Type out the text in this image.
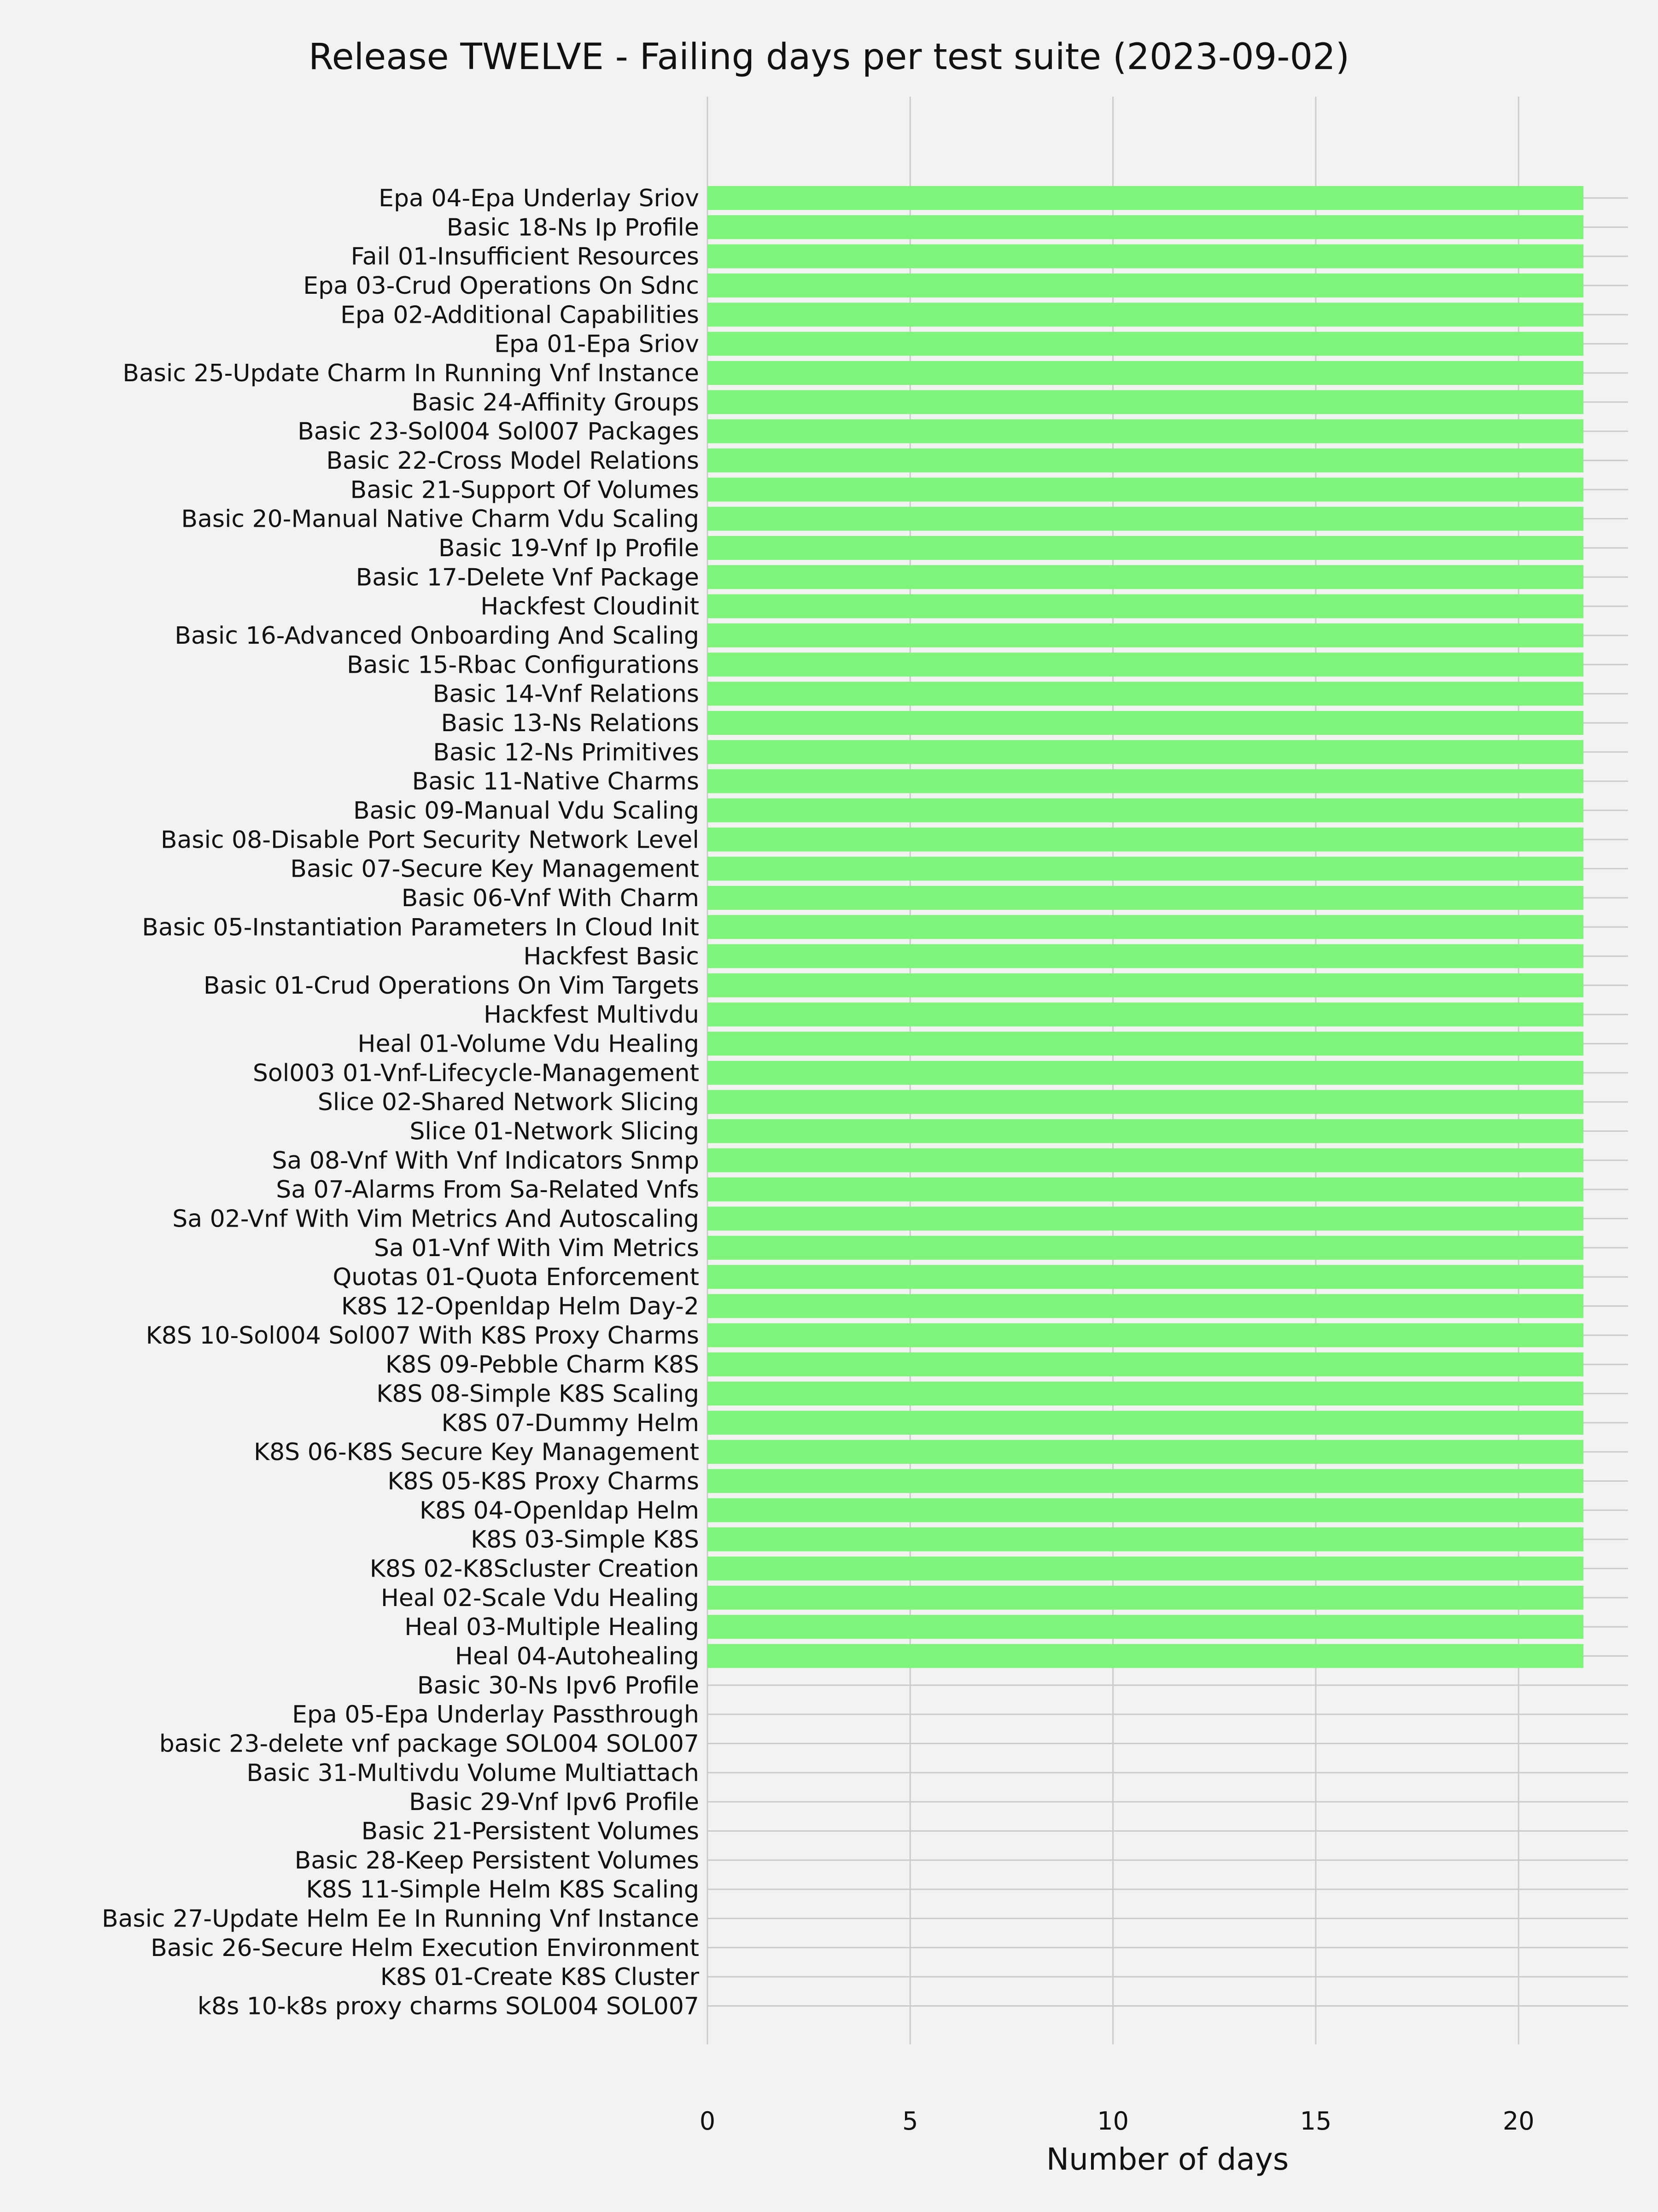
Epa 04-Epa Underlay Sriov
Basic 18-Ns Ip Profile
Fail 01-Insufficient Resources
Epa 03-Crud Operations On Sdnc
Epa 02-Additional Capabilities
Epa 01-Epa Sriov
Basic 25-Update Charm In Running Vnf Instance
Basic 24-Affinity Groups
Basic 23-Sol004 Sol007 Packages
Basic 22-Cross Model Relations
Basic 21-Support Of Volumes
Basic 20-Manual Native Charm Vdu Scaling
Basic 19-Vnf Ip Profile
Basic 17-Delete Vnf Package
Hackfest Cloudinit
Basic 16-Advanced Onboarding And Scaling
Basic 15-Rbac Configurations
Basic 14-Vnf Relations
Basic 13-Ns Relations
Basic 12-Ns Primitives
Basic 11-Native Charms
Basic 09-Manual Vdu Scaling
Basic 08-Disable Port Security Network Level
Basic 07-Secure Key Management
Basic 06-Vnf With Charm
Basic 05-Instantiation Parameters In Cloud Init
Hackfest Basic
Basic 01-Crud Operations On Vim Targets
Hackfest Multivdu
Heal 01-Volume Vdu Healing
Sol003 01-Vnf-Lifecycle-Management
Slice 02-Shared Network Slicing
Slice 01-Network Slicing
Sa 08-Vnf With Vnf Indicators Snmp
Sa 07-Alarms From Sa-Related Vnfs
Sa 02-Vnf With Vim Metrics And Autoscaling
Sa 01-Vnf With Vim Metrics
Quotas 01-Quota Enforcement
K8S 12-Openldap Helm Day-2
K8S 10-Sol004 Sol007 With K8S Proxy Charms
K8S 09-Pebble Charm K8S
K8S 08-Simple K8S Scaling
K8S 07-Dummy Helm
K8S 06-K8S Secure Key Management
K8S 05-K8S Proxy Charms
K8S 04-Openldap Helm
K8S 03-Simple K8S
K8S 02-K8Scluster Creation
Heal 02-Scale Vdu Healing
Heal 03-Multiple Healing
Heal 04-Autohealing
Basic 30-Ns Ipv6 Profile
Epa 05-Epa Underlay Passthrough
basic 23-delete vnf package SOL004 SOL007
Basic 31-Multivdu Volume Multiattach
Basic 29-Vnf Ipv6 Profile
Basic 21-Persistent Volumes
Basic 28-Keep Persistent Volumes
K8S 11-Simple Helm K8S Scaling
Basic 27-Update Helm Ee In Running Vnf Instance
Basic 26-Secure Helm Execution Environment
K8S 01-Create K8S Cluster
k8s 10-k8s proxy charms SOL004 SOL007
0	5	10	15	20
Release TWELVE - Failing days per test suite (2023-09-02)
Number of days
